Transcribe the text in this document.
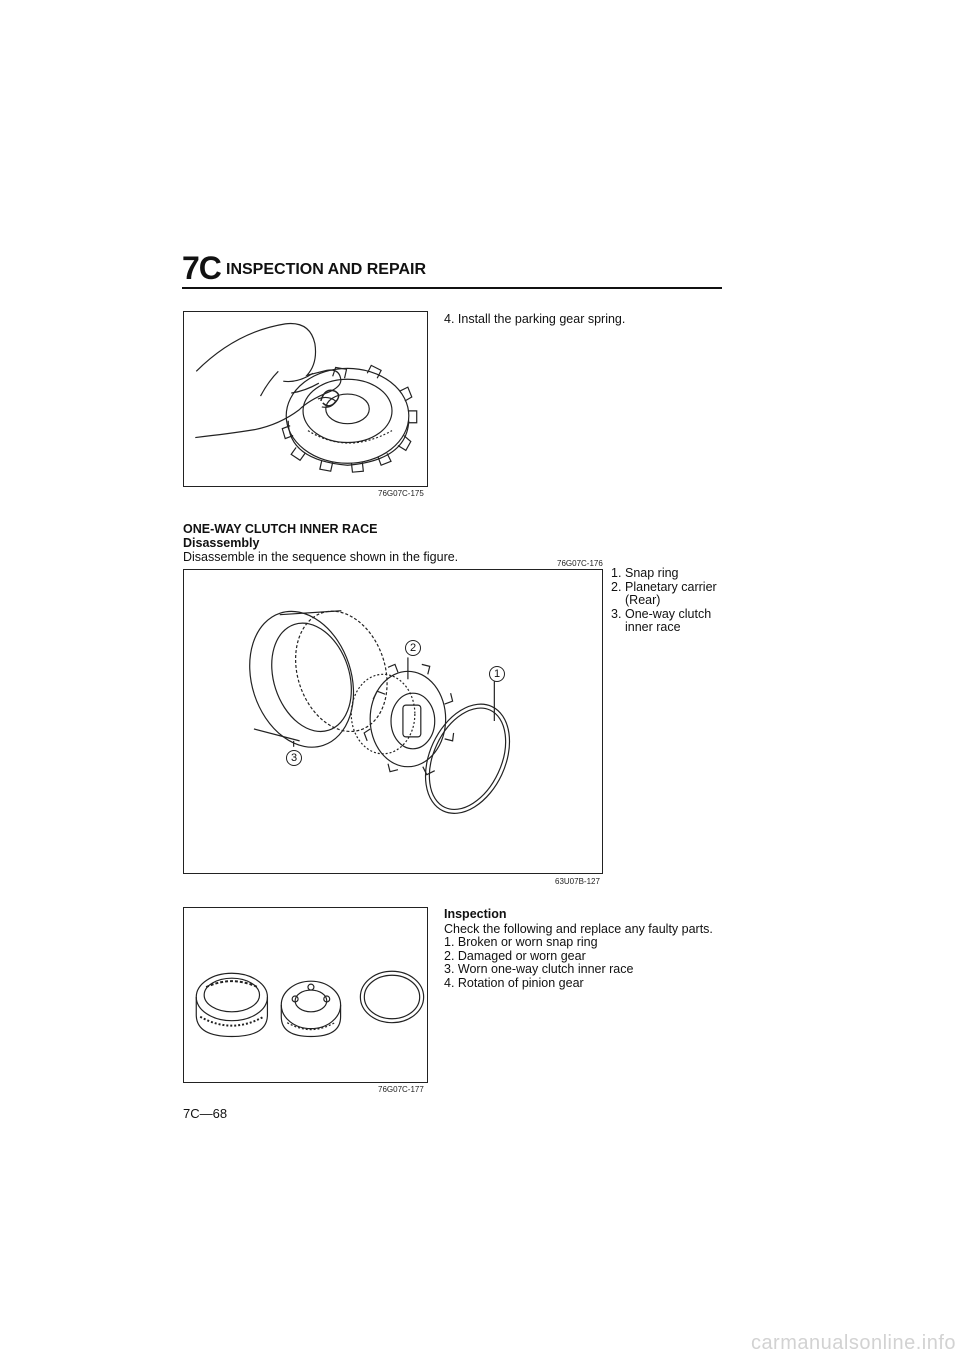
7C INSPECTION AND REPAIR
76G07C-175
4. Install the parking gear spring.
ONE-WAY CLUTCH INNER RACE
Disassembly
Disassemble in the sequence shown in the figure.	76G07C-176
2
1
3
63U07B-127
1. Snap ring
2. Planetary carrier (Rear)
3. One-way clutch inner race
76G07C-177
Inspection
Check the following and replace any faulty parts.
1. Broken or worn snap ring
2. Damaged or worn gear
3. Worn one-way clutch inner race
4. Rotation of pinion gear
7C—68
carmanualsonline.info
